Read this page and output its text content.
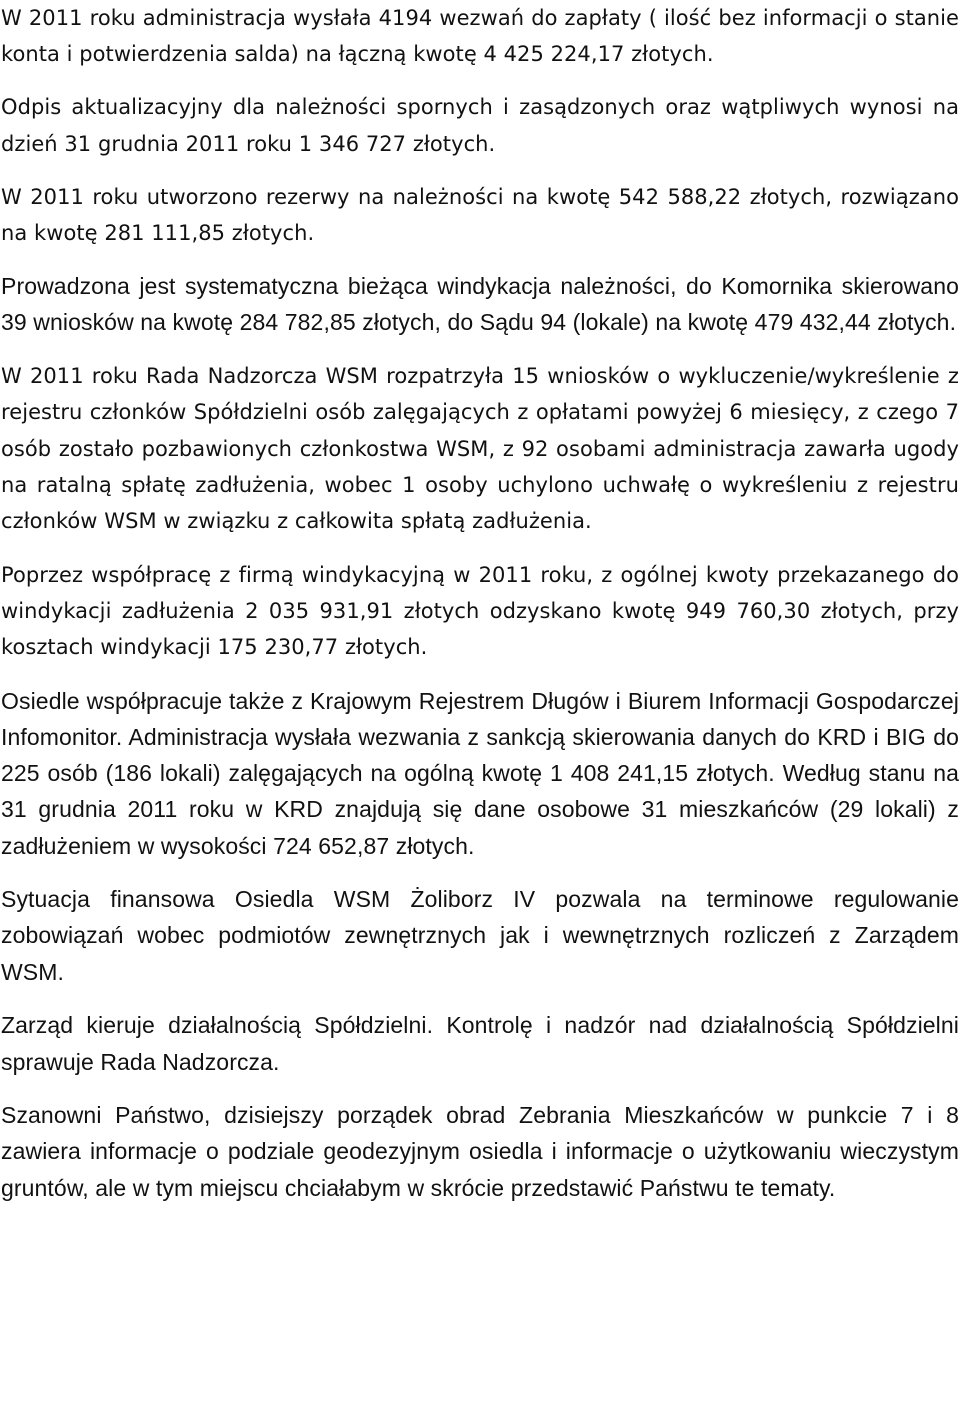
W 2011 roku administracja wysłała 4194 wezwań do zapłaty ( ilość bez informacji o stanie konta i potwierdzenia salda) na łączną kwotę 4 425 224,17 złotych.

Odpis aktualizacyjny dla należności spornych i zasądzonych oraz wątpliwych wynosi na dzień 31 grudnia 2011 roku 1 346 727 złotych.

W 2011 roku utworzono rezerwy na należności na kwotę 542 588,22 złotych, rozwiązano na kwotę 281 111,85 złotych.

Prowadzona jest systematyczna bieżąca windykacja należności, do Komornika skierowano 39 wniosków na kwotę 284 782,85 złotych, do Sądu 94 (lokale) na kwotę 479 432,44 złotych.

W 2011 roku Rada Nadzorcza WSM rozpatrzyła 15 wniosków o wykluczenie/wykreślenie z rejestru członków Spółdzielni osób zalęgających z opłatami powyżej 6 miesięcy, z czego 7 osób zostało pozbawionych członkostwa WSM, z 92 osobami administracja zawarła ugody na ratalną spłatę zadłużenia, wobec 1 osoby uchylono uchwałę o wykreśleniu z rejestru członków WSM w związku z całkowita spłatą zadłużenia.

Poprzez współpracę z firmą windykacyjną w 2011 roku, z ogólnej kwoty przekazanego do windykacji zadłużenia 2 035 931,91 złotych odzyskano kwotę 949 760,30 złotych, przy kosztach windykacji 175 230,77 złotych.

Osiedle współpracuje także z Krajowym Rejestrem Długów i Biurem Informacji Gospodarczej Infomonitor. Administracja wysłała wezwania z sankcją skierowania danych do KRD i BIG do 225 osób (186 lokali) zalęgających na ogólną kwotę 1 408 241,15 złotych. Według stanu na 31 grudnia 2011 roku w KRD znajdują się dane osobowe 31 mieszkańców (29 lokali) z zadłużeniem w wysokości 724 652,87 złotych.

Sytuacja finansowa Osiedla WSM Żoliborz IV pozwala na terminowe regulowanie zobowiązań wobec podmiotów zewnętrznych jak i wewnętrznych rozliczeń z Zarządem WSM.

Zarząd kieruje działalnością Spółdzielni. Kontrolę i nadzór nad działalnością Spółdzielni sprawuje Rada Nadzorcza.

Szanowni Państwo, dzisiejszy porządek obrad Zebrania Mieszkańców w punkcie 7 i 8 zawiera informacje o podziale geodezyjnym osiedla i informacje o użytkowaniu wieczystym gruntów, ale w tym miejscu chciałabym w skrócie przedstawić Państwu te tematy.
